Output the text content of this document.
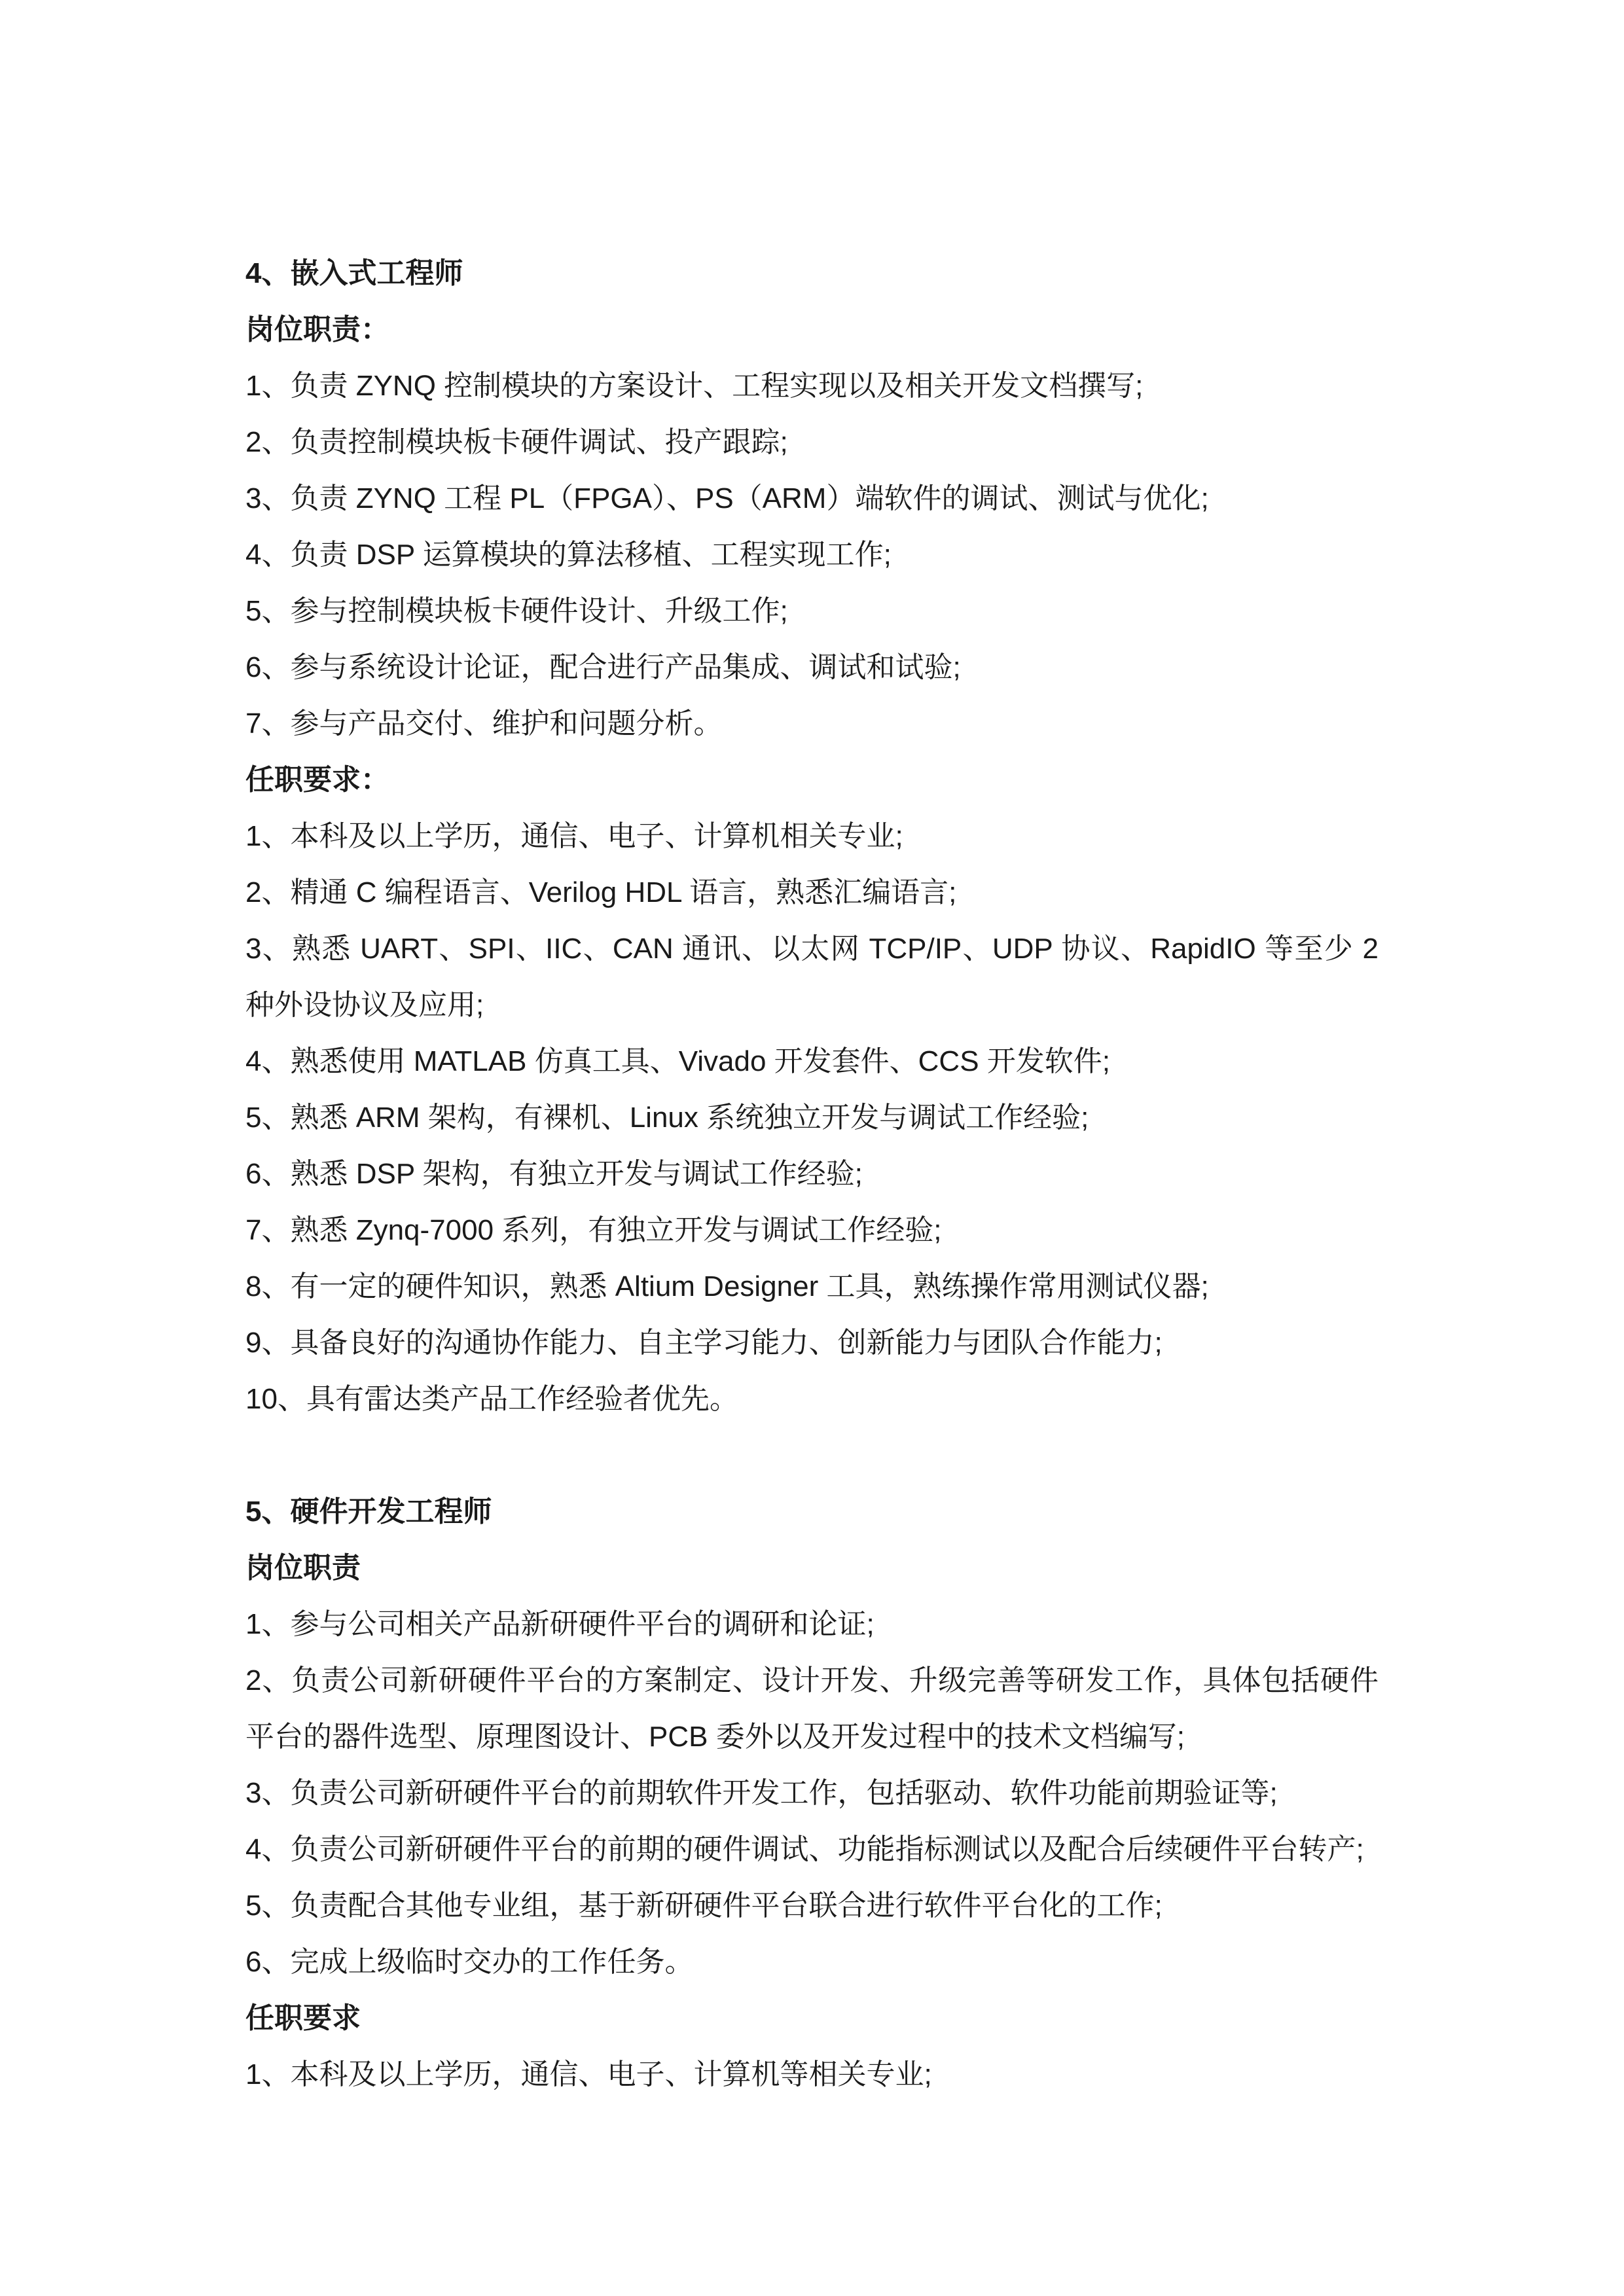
4、嵌入式工程师

岗位职责：

1、负责 ZYNQ 控制模块的方案设计、工程实现以及相关开发文档撰写;

2、负责控制模块板卡硬件调试、投产跟踪;

3、负责 ZYNQ 工程 PL（FPGA）、PS（ARM）端软件的调试、测试与优化;

4、负责 DSP 运算模块的算法移植、工程实现工作;

5、参与控制模块板卡硬件设计、升级工作;

6、参与系统设计论证，配合进行产品集成、调试和试验;

7、参与产品交付、维护和问题分析。

任职要求：

1、本科及以上学历，通信、电子、计算机相关专业;

2、精通 C 编程语言、Verilog HDL 语言，熟悉汇编语言;

3、熟悉 UART、SPI、IIC、CAN 通讯、以太网 TCP/IP、UDP 协议、RapidIO 等至少 2 种外设协议及应用;

4、熟悉使用 MATLAB 仿真工具、Vivado 开发套件、CCS 开发软件;

5、熟悉 ARM 架构，有裸机、Linux 系统独立开发与调试工作经验;

6、熟悉 DSP 架构，有独立开发与调试工作经验;

7、熟悉 Zynq-7000 系列，有独立开发与调试工作经验;

8、有一定的硬件知识，熟悉 Altium Designer 工具，熟练操作常用测试仪器;

9、具备良好的沟通协作能力、自主学习能力、创新能力与团队合作能力;

10、具有雷达类产品工作经验者优先。

5、硬件开发工程师

岗位职责

1、参与公司相关产品新研硬件平台的调研和论证;

2、负责公司新研硬件平台的方案制定、设计开发、升级完善等研发工作，具体包括硬件平台的器件选型、原理图设计、PCB 委外以及开发过程中的技术文档编写;

3、负责公司新研硬件平台的前期软件开发工作，包括驱动、软件功能前期验证等;

4、负责公司新研硬件平台的前期的硬件调试、功能指标测试以及配合后续硬件平台转产;

5、负责配合其他专业组，基于新研硬件平台联合进行软件平台化的工作;

6、完成上级临时交办的工作任务。

任职要求

1、本科及以上学历，通信、电子、计算机等相关专业;
